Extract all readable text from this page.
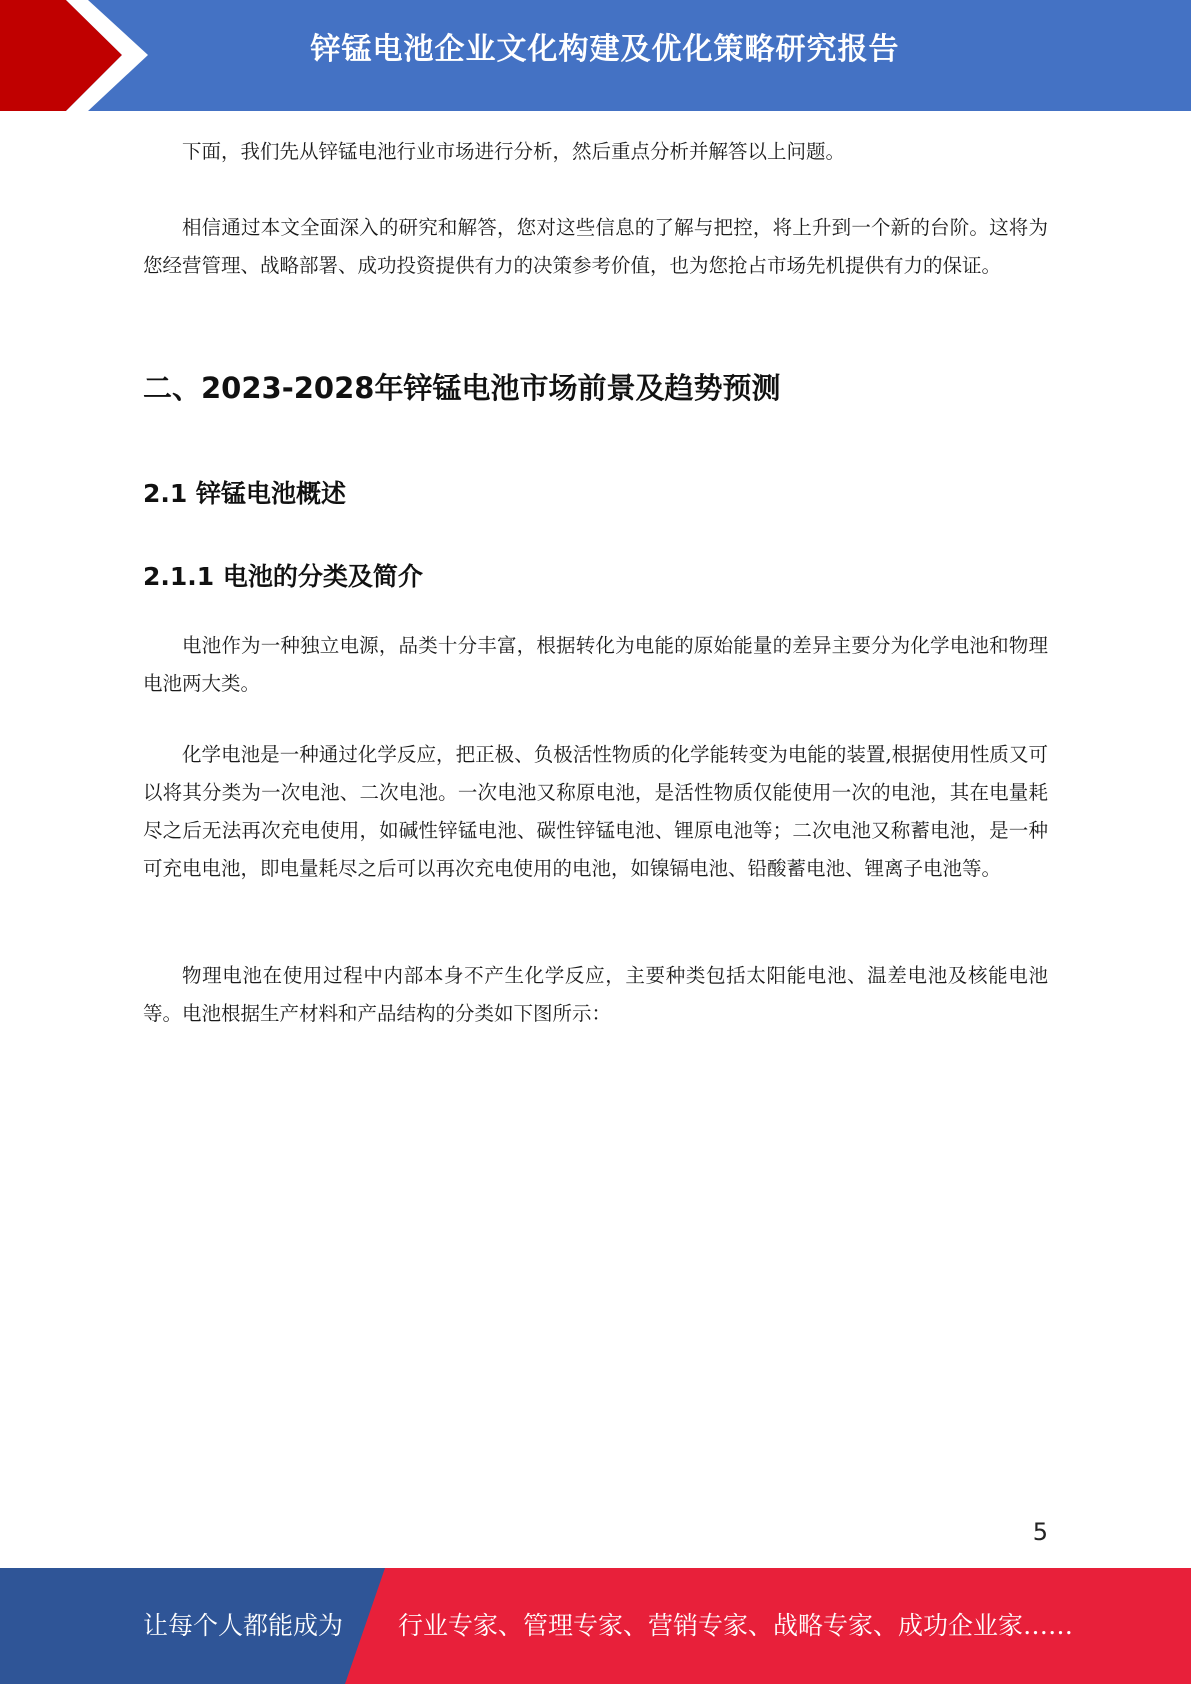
锌锰电池企业文化构建及优化策略研究报告

下面，我们先从锌锰电池行业市场进行分析，然后重点分析并解答以上问题。

相信通过本文全面深入的研究和解答，您对这些信息的了解与把控，将上升到一个新的台阶。这将为您经营管理、战略部署、成功投资提供有力的决策参考价值，也为您抢占市场先机提供有力的保证。

二、2023-2028年锌锰电池市场前景及趋势预测
2.1 锌锰电池概述
2.1.1 电池的分类及简介

电池作为一种独立电源，品类十分丰富，根据转化为电能的原始能量的差异主要分为化学电池和物理电池两大类。

化学电池是一种通过化学反应，把正极、负极活性物质的化学能转变为电能的装置,根据使用性质又可以将其分类为一次电池、二次电池。一次电池又称原电池，是活性物质仅能使用一次的电池，其在电量耗尽之后无法再次充电使用，如碱性锌锰电池、碳性锌锰电池、锂原电池等；二次电池又称蓄电池，是一种可充电电池，即电量耗尽之后可以再次充电使用的电池，如镍镉电池、铅酸蓄电池、锂离子电池等。

物理电池在使用过程中内部本身不产生化学反应，主要种类包括太阳能电池、温差电池及核能电池等。电池根据生产材料和产品结构的分类如下图所示：

5
让每个人都能成为 行业专家、管理专家、营销专家、战略专家、成功企业家……
